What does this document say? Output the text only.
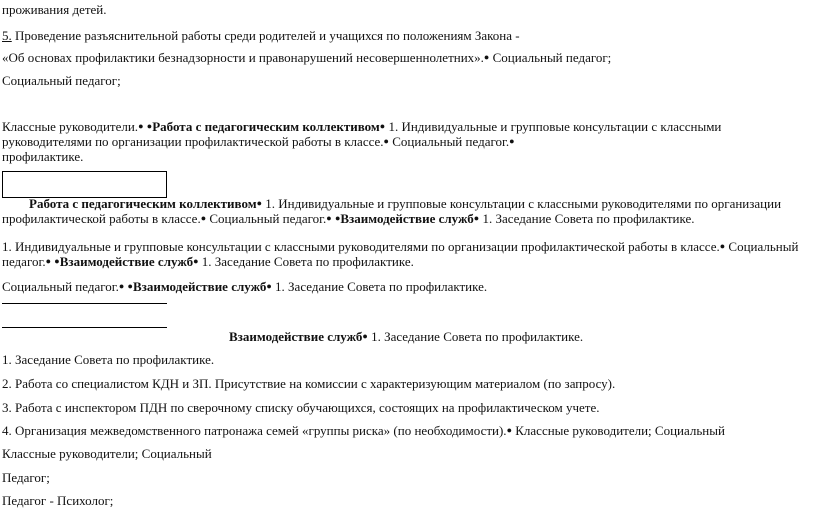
проживания детей.
5. Проведение разъяснительной работы среди родителей и учащихся по положениям Закона -
«Об основах профилактики безнадзорности и правонарушений несовершеннолетних».● Социальный педагог;
Социальный педагог;
Классные руководители.● ●Работа с педагогическим коллективом● 1. Индивидуальные и групповые консультации с классными руководителями по организации профилактической работы в классе.● Социальный педагог.●
профилактике.
Работа с педагогическим коллективом● 1. Индивидуальные и групповые консультации с классными руководителями по организации профилактической работы в классе.● Социальный педагог.● ●Взаимодействие служб● 1. Заседание Совета по профилактике.
1. Индивидуальные и групповые консультации с классными руководителями по организации профилактической работы в классе.● Социальный педагог.● ●Взаимодействие служб● 1. Заседание Совета по профилактике.
Социальный педагог.● ●Взаимодействие служб● 1. Заседание Совета по профилактике.
Взаимодействие служб● 1. Заседание Совета по профилактике.
1. Заседание Совета по профилактике.
2. Работа со специалистом КДН и ЗП. Присутствие на комиссии с характеризующим материалом (по запросу).
3. Работа с инспектором ПДН по сверочному списку обучающихся, состоящих на профилактическом учете.
4. Организация межведомственного патронажа семей «группы риска» (по необходимости).● Классные руководители; Социальный
Классные руководители; Социальный
Педагог;
Педагог - Психолог;
